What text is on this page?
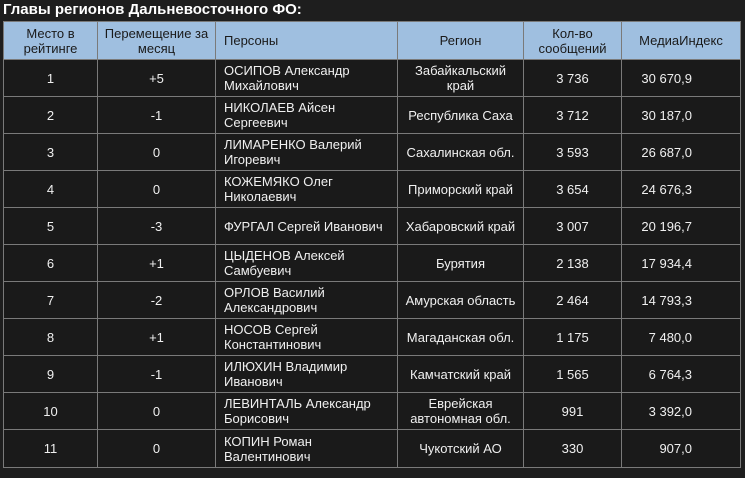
Главы регионов Дальневосточного ФО:
Место в рейтинге	Перемещение за месяц	Персоны	Регион	Кол-во сообщений	МедиаИндекс
1	+5	ОСИПОВ Александр Михайлович	Забайкальский край	3 736	30 670,9
2	-1	НИКОЛАЕВ Айсен Сергеевич	Республика Саха	3 712	30 187,0
3	0	ЛИМАРЕНКО Валерий Игоревич	Сахалинская обл.	3 593	26 687,0
4	0	КОЖЕМЯКО Олег Николаевич	Приморский край	3 654	24 676,3
5	-3	ФУРГАЛ Сергей Иванович	Хабаровский край	3 007	20 196,7
6	+1	ЦЫДЕНОВ Алексей Самбуевич	Бурятия	2 138	17 934,4
7	-2	ОРЛОВ Василий Александрович	Амурская область	2 464	14 793,3
8	+1	НОСОВ Сергей Константинович	Магаданская обл.	1 175	7 480,0
9	-1	ИЛЮХИН Владимир Иванович	Камчатский край	1 565	6 764,3
10	0	ЛЕВИНТАЛЬ Александр Борисович	Еврейская автономная обл.	991	3 392,0
11	0	КОПИН Роман Валентинович	Чукотский АО	330	907,0
